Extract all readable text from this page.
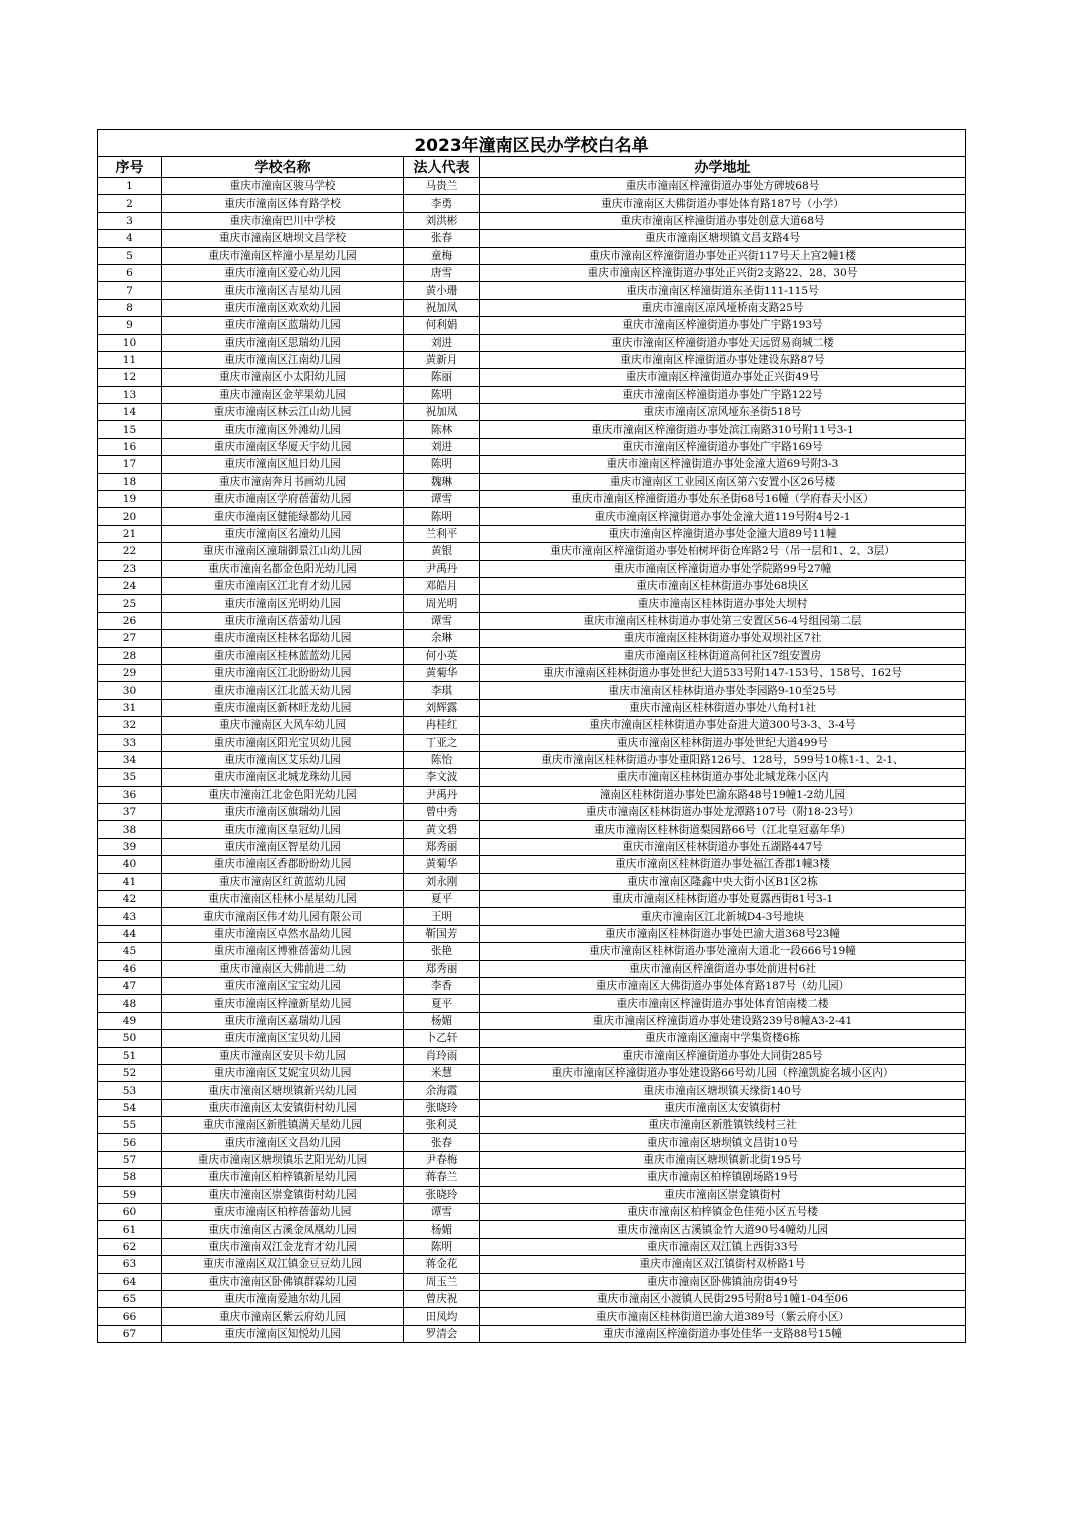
2023年潼南区民办学校白名单			
序号	学校名称	法人代表	办学地址
1	重庆市潼南区骏马学校	马贵兰	重庆市潼南区梓潼街道办事处方碑坡68号
2	重庆市潼南区体育路学校	李勇	重庆市潼南区大佛街道办事处体育路187号（小学）
3	重庆市潼南巴川中学校	刘洪彬	重庆市潼南区梓潼街道办事处创意大道68号
4	重庆市潼南区塘坝文昌学校	张春	重庆市潼南区塘坝镇文昌支路4号
5	重庆市潼南区梓潼小星星幼儿园	童梅	重庆市潼南区梓潼街道办事处正兴街117号天上宫2幢1楼
6	重庆市潼南区爱心幼儿园	唐雪	重庆市潼南区梓潼街道办事处正兴街2支路22、28、30号
7	重庆市潼南区吉星幼儿园	黄小珊	重庆市潼南区梓潼街道东圣街111-115号
8	重庆市潼南区欢欢幼儿园	祝加凤	重庆市潼南区凉风垭桥南支路25号
9	重庆市潼南区蓝瑞幼儿园	何利娟	重庆市潼南区梓潼街道办事处广宇路193号
10	重庆市潼南区思瑞幼儿园	刘进	重庆市潼南区梓潼街道办事处天远贸易商城二楼
11	重庆市潼南区江南幼儿园	黄新月	重庆市潼南区梓潼街道办事处建设东路87号
12	重庆市潼南区小太阳幼儿园	陈丽	重庆市潼南区梓潼街道办事处正兴街49号
13	重庆市潼南区金苹果幼儿园	陈明	重庆市潼南区梓潼街道办事处广宇路122号
14	重庆市潼南区林云江山幼儿园	祝加凤	重庆市潼南区凉风垭东圣街518号
15	重庆市潼南区外滩幼儿园	陈林	重庆市潼南区梓潼街道办事处滨江南路310号附11号3-1
16	重庆市潼南区华厦天宇幼儿园	刘进	重庆市潼南区梓潼街道办事处广宇路169号
17	重庆市潼南区旭日幼儿园	陈明	重庆市潼南区梓潼街道办事处金潼大道69号附3-3
18	重庆市潼南奔月书画幼儿园	魏琳	重庆市潼南区工业园区南区第六安置小区26号楼
19	重庆市潼南区学府蓓蕾幼儿园	谭雪	重庆市潼南区梓潼街道办事处东圣街68号16幢（学府春天小区）
20	重庆市潼南区健能绿都幼儿园	陈明	重庆市潼南区梓潼街道办事处金潼大道119号附4号2-1
21	重庆市潼南区名潼幼儿园	兰利平	重庆市潼南区梓潼街道办事处金潼大道89号11幢
22	重庆市潼南区潼瑞御景江山幼儿园	黄银	重庆市潼南区梓潼街道办事处柏树坪街仓库路2号（吊一层和1、2、3层）
23	重庆市潼南名都金色阳光幼儿园	尹禹丹	重庆市潼南区梓潼街道办事处学院路99号27幢
24	重庆市潼南区江北育才幼儿园	邓皓月	重庆市潼南区桂林街道办事处68块区
25	重庆市潼南区光明幼儿园	周光明	重庆市潼南区桂林街道办事处大坝村
26	重庆市潼南区蓓蕾幼儿园	谭雪	重庆市潼南区桂林街道办事处第三安置区56-4号组园第二层
27	重庆市潼南区桂林名邸幼儿园	余琳	重庆市潼南区桂林街道办事处双坝社区7社
28	重庆市潼南区桂林蓝蓝幼儿园	何小英	重庆市潼南区桂林街道高何社区7组安置房
29	重庆市潼南区江北盼盼幼儿园	黄菊华	重庆市潼南区桂林街道办事处世纪大道533号附147-153号、158号、162号
30	重庆市潼南区江北蓝天幼儿园	李琪	重庆市潼南区桂林街道办事处李园路9-10至25号
31	重庆市潼南区新林旺龙幼儿园	刘辉露	重庆市潼南区桂林街道办事处八角村1社
32	重庆市潼南区大风车幼儿园	冉桂红	重庆市潼南区桂林街道办事处奋进大道300号3-3、3-4号
33	重庆市潼南区阳光宝贝幼儿园	丁亚之	重庆市潼南区桂林街道办事处世纪大道499号
34	重庆市潼南区艾乐幼儿园	陈怡	重庆市潼南区桂林街道办事处重阳路126号、128号，599号10栋1-1、2-1、
35	重庆市潼南区北城龙珠幼儿园	李文波	重庆市潼南区桂林街道办事处北城龙珠小区内
36	重庆市潼南江北金色阳光幼儿园	尹禹丹	潼南区桂林街道办事处巴渝东路48号19幢1-2幼儿园
37	重庆市潼南区旗瑞幼儿园	曾中秀	重庆市潼南区桂林街道办事处龙潭路107号（附18-23号）
38	重庆市潼南区皇冠幼儿园	黄文碧	重庆市潼南区桂林街道梨园路66号（江北皇冠嘉年华）
39	重庆市潼南区智星幼儿园	郑秀丽	重庆市潼南区桂林街道办事处五湖路447号
40	重庆市潼南区香郡盼盼幼儿园	黄菊华	重庆市潼南区桂林街道办事处福江香郡1幢3楼
41	重庆市潼南区红黄蓝幼儿园	刘永刚	重庆市潼南区隆鑫中央大街小区B1区2栋
42	重庆市潼南区桂林小星星幼儿园	夏平	重庆市潼南区桂林街道办事处夏露西街81号3-1
43	重庆市潼南区伟才幼儿园有限公司	王明	重庆市潼南区江北新城D4-3号地块
44	重庆市潼南区卓然水晶幼儿园	靳国芳	重庆市潼南区桂林街道办事处巴渝大道368号23幢
45	重庆市潼南区博雅蓓蕾幼儿园	张艳	重庆市潼南区桂林街道办事处潼南大道北一段666号19幢
46	重庆市潼南区大佛前进二幼	郑秀丽	重庆市潼南区梓潼街道办事处前进村6社
47	重庆市潼南区宝宝幼儿园	李香	重庆市潼南区大佛街道办事处体育路187号（幼儿园）
48	重庆市潼南区梓潼新星幼儿园	夏平	重庆市潼南区梓潼街道办事处体育馆南楼二楼
49	重庆市潼南区嘉瑞幼儿园	杨媚	重庆市潼南区梓潼街道办事处建设路239号8幢A3-2-41
50	重庆市潼南区宝贝幼儿园	卜乙轩	重庆市潼南区潼南中学集资楼6栋
51	重庆市潼南区安贝卡幼儿园	肖玲雨	重庆市潼南区梓潼街道办事处大同街285号
52	重庆市潼南区艾妮宝贝幼儿园	米慧	重庆市潼南区梓潼街道办事处建设路66号幼儿园（梓潼凯旋名城小区内）
53	重庆市潼南区塘坝镇新兴幼儿园	余海霞	重庆市潼南区塘坝镇天缘街140号
54	重庆市潼南区太安镇街村幼儿园	张晓玲	重庆市潼南区太安镇街村
55	重庆市潼南区新胜镇满天星幼儿园	张利灵	重庆市潼南区新胜镇铁线村三社
56	重庆市潼南区文昌幼儿园	张春	重庆市潼南区塘坝镇文昌街10号
57	重庆市潼南区塘坝镇乐艺阳光幼儿园	尹春梅	重庆市潼南区塘坝镇新北街195号
58	重庆市潼南区柏梓镇新星幼儿园	蒋春兰	重庆市潼南区柏梓镇剧场路19号
59	重庆市潼南区崇龛镇街村幼儿园	张晓玲	重庆市潼南区崇龛镇街村
60	重庆市潼南区柏梓蓓蕾幼儿园	谭雪	重庆市潼南区柏梓镇金色佳苑小区五号楼
61	重庆市潼南区古溪金凤凰幼儿园	杨媚	重庆市潼南区古溪镇金竹大道90号4幢幼儿园
62	重庆市潼南双江金龙育才幼儿园	陈明	重庆市潼南区双江镇上西街33号
63	重庆市潼南区双江镇金豆豆幼儿园	蒋金花	重庆市潼南区双江镇街村双桥路1号
64	重庆市潼南区卧佛镇群霖幼儿园	周玉兰	重庆市潼南区卧佛镇油房街49号
65	重庆市潼南爱迪尔幼儿园	曾庆祝	重庆市潼南区小渡镇人民街295号附8号1幢1-04至06
66	重庆市潼南区紫云府幼儿园	田凤均	重庆市潼南区桂林街道巴渝大道389号（紫云府小区）
67	重庆市潼南区知悦幼儿园	罗清会	重庆市潼南区梓潼街道办事处佳华一支路88号15幢
